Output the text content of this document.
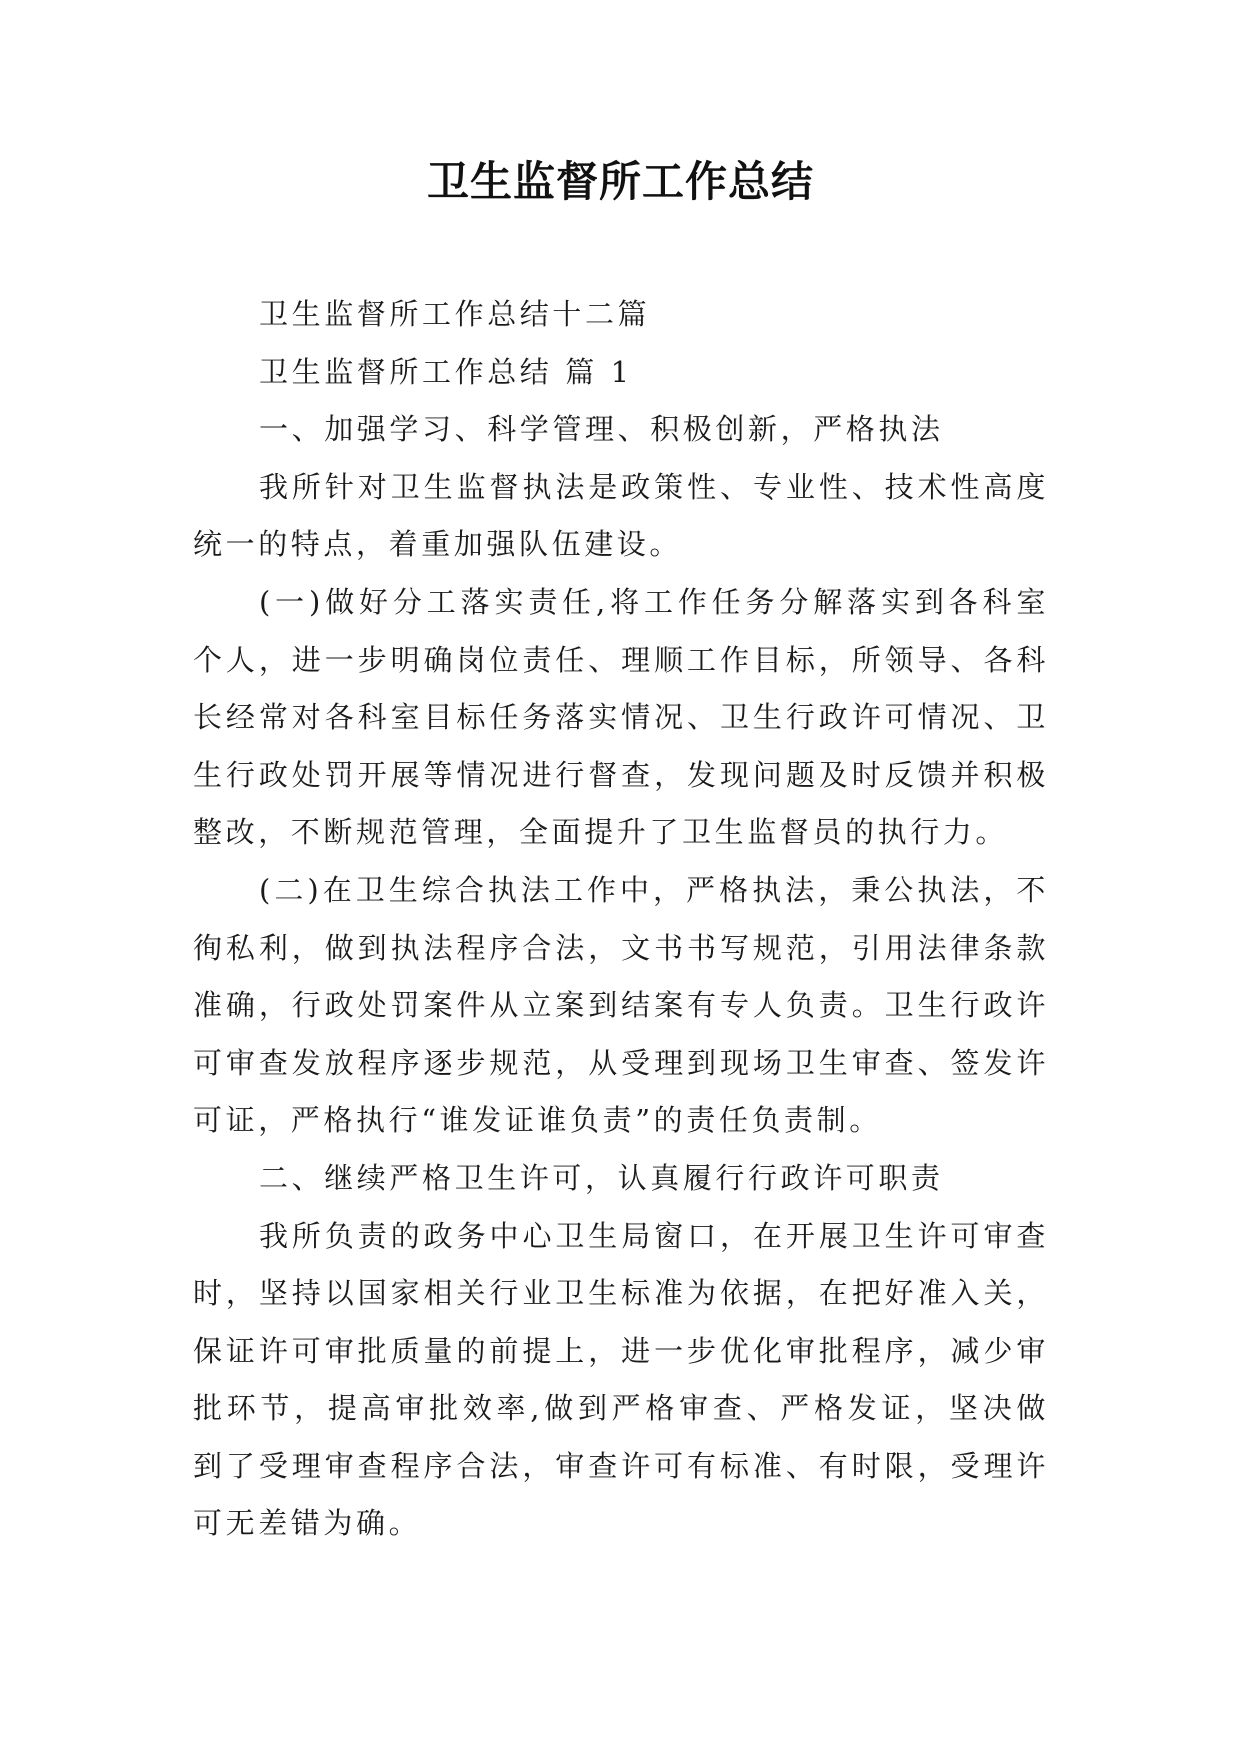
卫生监督所工作总结

卫生监督所工作总结十二篇

卫生监督所工作总结 篇 1

一、加强学习、科学管理、积极创新，严格执法

我所针对卫生监督执法是政策性、专业性、技术性高度统一的特点，着重加强队伍建设。

(一)做好分工落实责任,将工作任务分解落实到各科室个人，进一步明确岗位责任、理顺工作目标，所领导、各科长经常对各科室目标任务落实情况、卫生行政许可情况、卫生行政处罚开展等情况进行督查，发现问题及时反馈并积极整改，不断规范管理，全面提升了卫生监督员的执行力。

(二)在卫生综合执法工作中，严格执法，秉公执法，不徇私利，做到执法程序合法，文书书写规范，引用法律条款准确，行政处罚案件从立案到结案有专人负责。卫生行政许可审查发放程序逐步规范，从受理到现场卫生审查、签发许可证，严格执行“谁发证谁负责”的责任负责制。

二、继续严格卫生许可，认真履行行政许可职责

我所负责的政务中心卫生局窗口，在开展卫生许可审查时，坚持以国家相关行业卫生标准为依据，在把好准入关，保证许可审批质量的前提上，进一步优化审批程序，减少审批环节，提高审批效率,做到严格审查、严格发证，坚决做到了受理审查程序合法，审查许可有标准、有时限，受理许可无差错为确。
